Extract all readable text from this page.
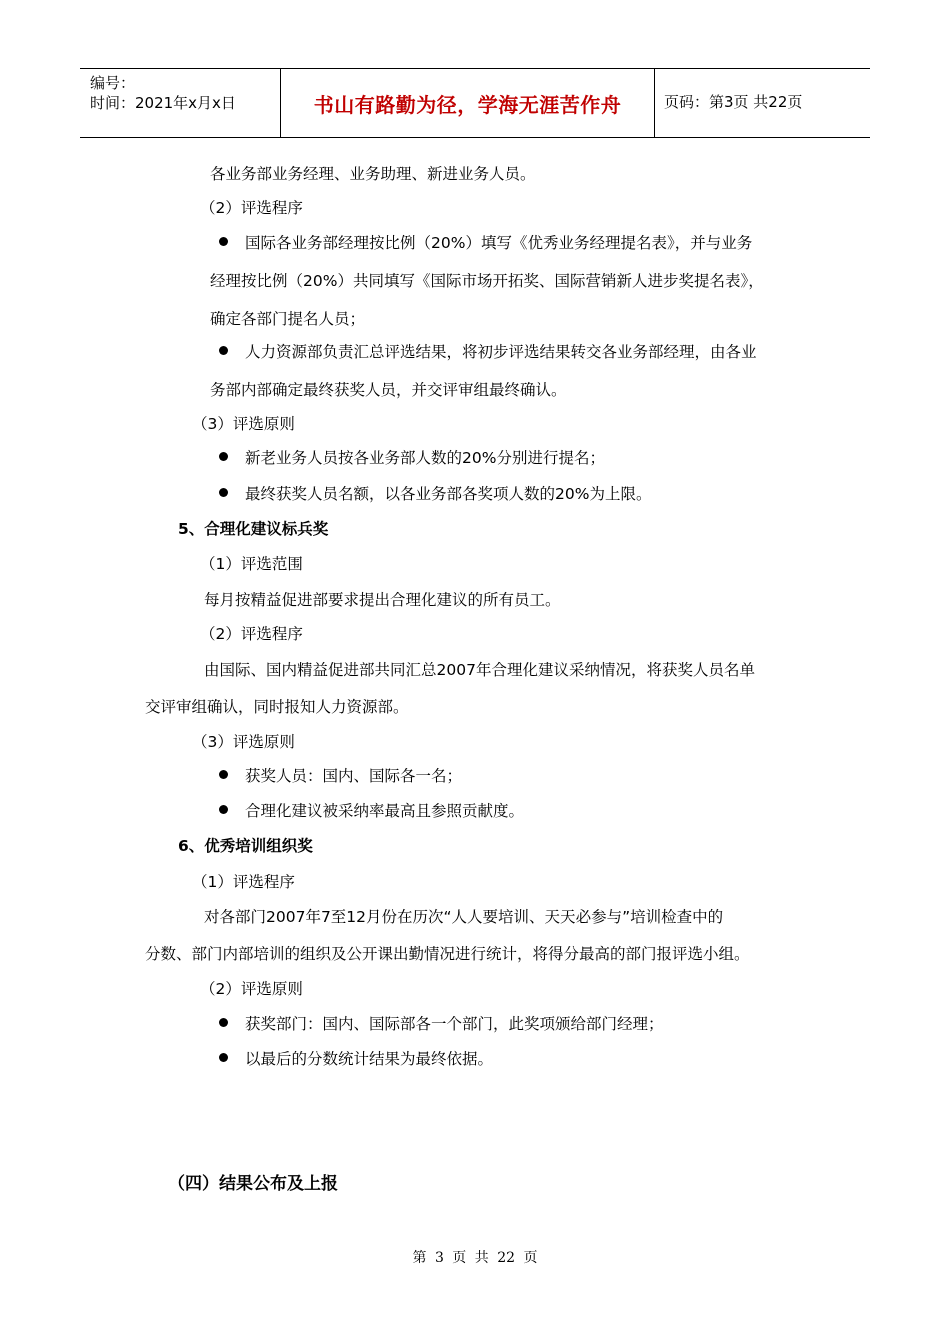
编号：
时间：2021年x月x日	书山有路勤为径，学海无涯苦作舟	页码：第3页 共22页
各业务部业务经理、业务助理、新进业务人员。
（2）评选程序
国际各业务部经理按比例（20%）填写《优秀业务经理提名表》，并与业务
经理按比例（20%）共同填写《国际市场开拓奖、国际营销新人进步奖提名表》，
确定各部门提名人员；
人力资源部负责汇总评选结果，将初步评选结果转交各业务部经理，由各业
务部内部确定最终获奖人员，并交评审组最终确认。
（3）评选原则
新老业务人员按各业务部人数的20%分别进行提名；
最终获奖人员名额，以各业务部各奖项人数的20%为上限。
5、合理化建议标兵奖
（1）评选范围
每月按精益促进部要求提出合理化建议的所有员工。
（2）评选程序
由国际、国内精益促进部共同汇总2007年合理化建议采纳情况，将获奖人员名单
交评审组确认，同时报知人力资源部。
（3）评选原则
获奖人员：国内、国际各一名；
合理化建议被采纳率最高且参照贡献度。
6、优秀培训组织奖
（1）评选程序
对各部门2007年7至12月份在历次“人人要培训、天天必参与”培训检查中的
分数、部门内部培训的组织及公开课出勤情况进行统计，将得分最高的部门报评选小组。
（2）评选原则
获奖部门：国内、国际部各一个部门，此奖项颁给部门经理；
以最后的分数统计结果为最终依据。
（四）结果公布及上报
第 3 页 共 22 页
